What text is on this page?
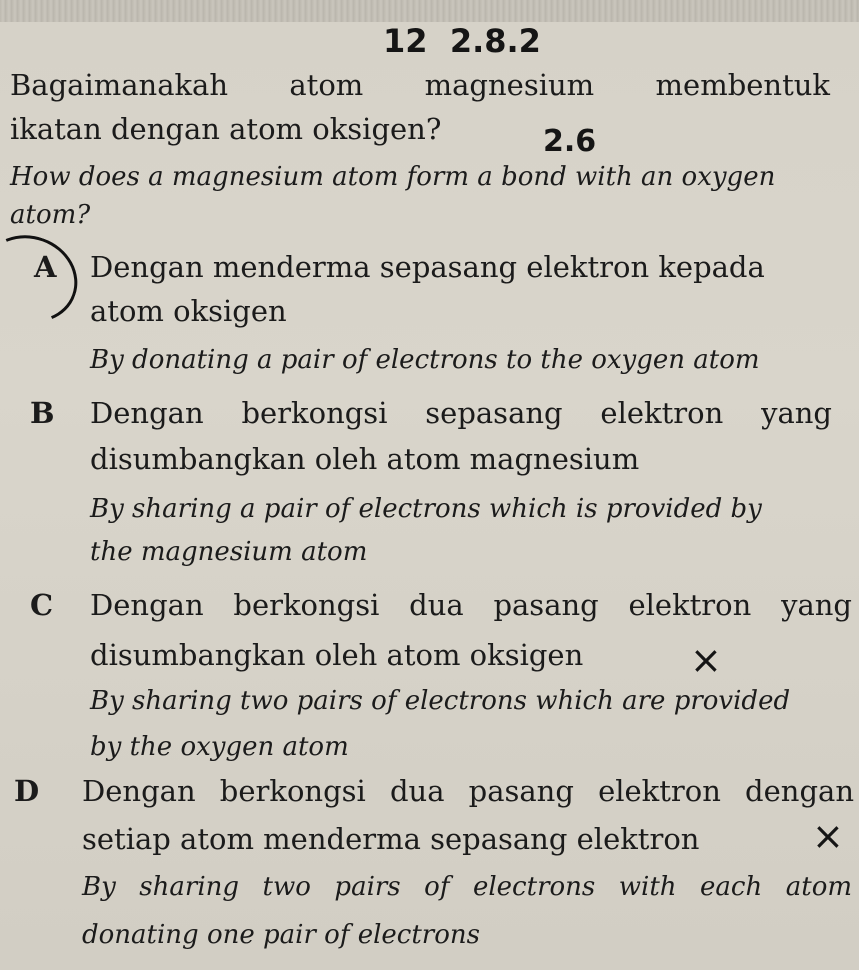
12  2.8.2
2.6
×
×
Bagaimanakah atom magnesium membentuk
ikatan dengan atom oksigen?
How does a magnesium atom form a bond with an oxygen
atom?
A Dengan menderma sepasang elektron kepada
atom oksigen
By donating a pair of electrons to the oxygen atom
B Dengan berkongsi sepasang elektron yang
disumbangkan oleh atom magnesium
By sharing a pair of electrons which is provided by
the magnesium atom
C Dengan berkongsi dua pasang elektron yang
disumbangkan oleh atom oksigen
By sharing two pairs of electrons which are provided
by the oxygen atom
D Dengan berkongsi dua pasang elektron dengan
setiap atom menderma sepasang elektron
By sharing two pairs of electrons with each atom
donating one pair of electrons
